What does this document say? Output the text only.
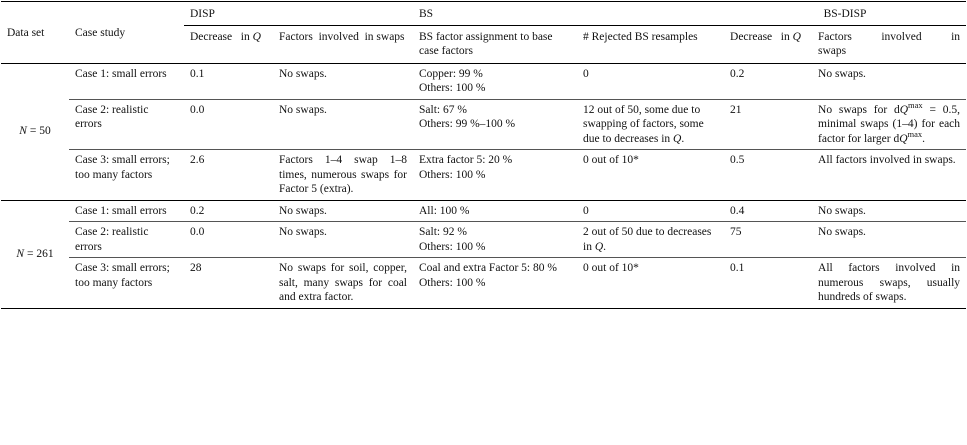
Data set	Case study	DISP		BS		BS-DISP	
		Decrease   in Q	Factors  involved  in swaps	BS factor assignment to base case factors	# Rejected BS resamples	Decrease   in Q	Factors     involved     in swaps
N = 50	Case 1: small errors	0.1	No swaps.	Copper: 99 %
Others: 100 %	0	0.2	No swaps.
	Case 2: realistic errors	0.0	No swaps.	Salt: 67 %
Others: 99 %–100 %	12 out of 50, some due to swapping of factors, some due to decreases in Q.	21	No swaps for $dQ^{max} = 0.5$, minimal swaps (1–4) for each factor for larger $dQ^{max}$.
	Case 3: small errors; too many factors	2.6	Factors 1–4 swap 1–8 times, numerous swaps for Factor 5 (extra).	Extra factor 5: 20 %
Others: 100 %	0 out of 10*	0.5	All factors involved in swaps.
N = 261	Case 1: small errors	0.2	No swaps.	All: 100 %	0	0.4	No swaps.
	Case 2: realistic errors	0.0	No swaps.	Salt: 92 %
Others: 100 %	2 out of 50 due to decreases in Q.	75	No swaps.
	Case 3: small errors; too many factors	28	No swaps for soil, copper, salt, many swaps for coal and extra factor.	Coal and extra Factor 5: 80 %
Others: 100 %	0 out of 10*	0.1	All factors involved in numerous swaps, usually hundreds of swaps.
